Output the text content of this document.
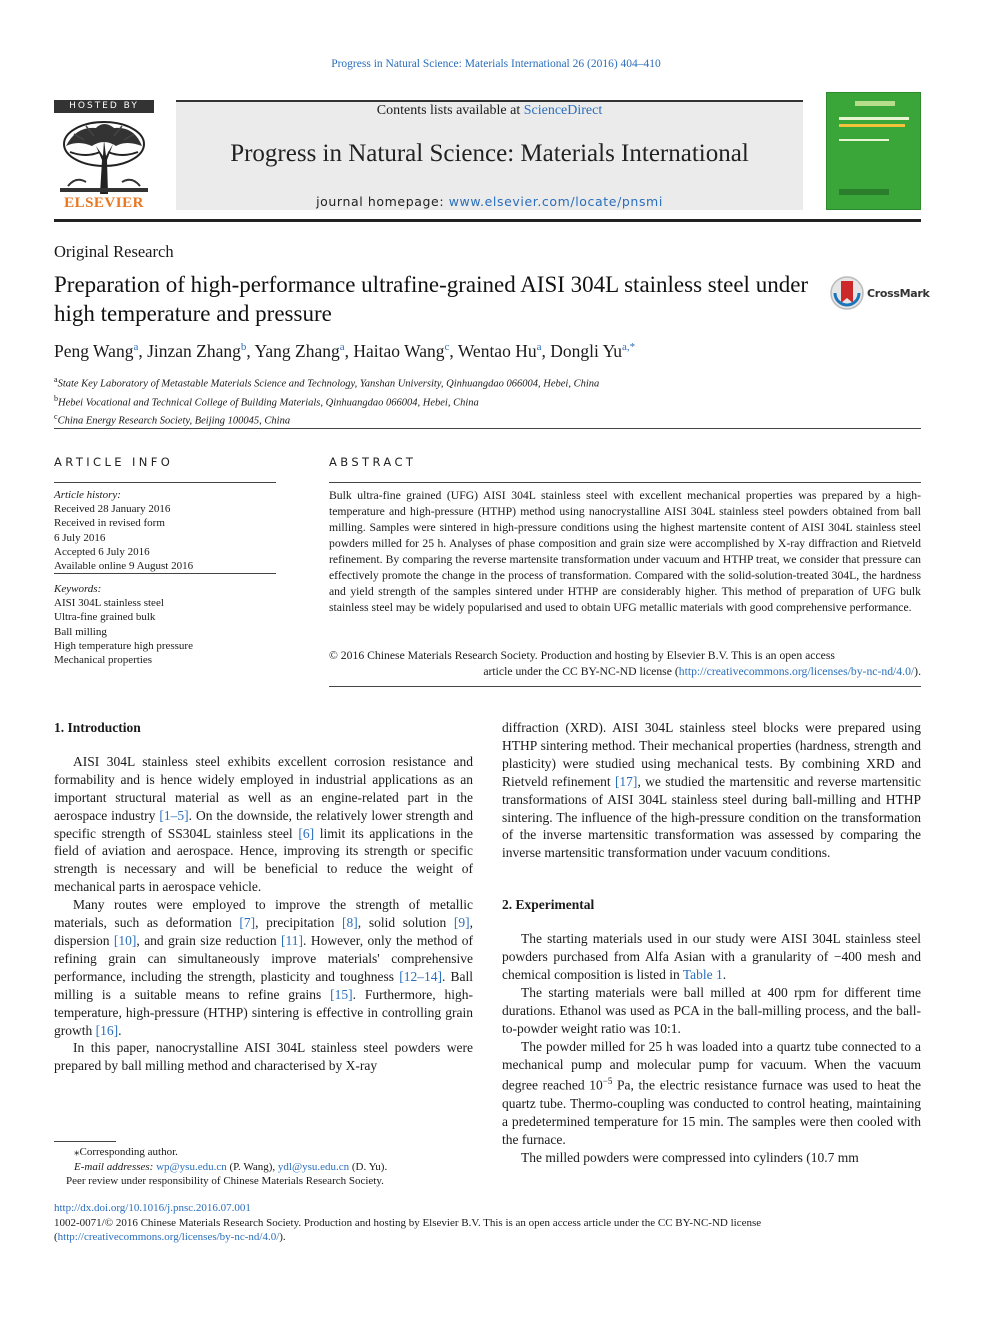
Progress in Natural Science: Materials International 26 (2016) 404–410
HOSTED BY
ELSEVIER
Contents lists available at ScienceDirect
Progress in Natural Science: Materials International
journal homepage: www.elsevier.com/locate/pnsmi
Original Research
Preparation of high-performance ultrafine-grained AISI 304L stainless steel under high temperature and pressure
CrossMark
Peng Wang$^a$, Jinzan Zhang$^b$, Yang Zhang$^a$, Haitao Wang$^c$, Wentao Hu$^a$, Dongli $Yu^{a,*}$
$^a$State Key Laboratory of Metastable Materials Science and Technology, Yanshan University, Qinhuangdao 066004, Hebei, China
$^b$Hebei Vocational and Technical College of Building Materials, Qinhuangdao 066004, Hebei, China
$^c$China Energy Research Society, Beijing 100045, China
ARTICLE INFO	ABSTRACT
Article history:
Received 28 January 2016
Received in revised form
6 July 2016
Accepted 6 July 2016
Available online 9 August 2016
Keywords:
AISI 304L stainless steel
Ultra-fine grained bulk
Ball milling
High temperature high pressure
Mechanical properties
Bulk ultra-fine grained (UFG) AISI 304L stainless steel with excellent mechanical properties was prepared by a high-temperature and high-pressure (HTHP) method using nanocrystalline AISI 304L stainless steel powders obtained from ball milling. Samples were sintered in high-pressure conditions using the highest martensite content of AISI 304L stainless steel powders milled for 25 h. Analyses of phase composition and grain size were accomplished by X-ray diffraction and Rietveld refinement. By comparing the reverse martensite transformation under vacuum and HTHP treat, we consider that pressure can effectively promote the change in the process of transformation. Compared with the solid-solution-treated 304L, the hardness and yield strength of the samples sintered under HTHP are considerably higher. This method of preparation of UFG bulk stainless steel may be widely popularised and used to obtain UFG metallic materials with good comprehensive performance.
© 2016 Chinese Materials Research Society. Production and hosting by Elsevier B.V. This is an open access
article under the CC BY-NC-ND license (http://creativecommons.org/licenses/by-nc-nd/4.0/).

1. Introduction

AISI 304L stainless steel exhibits excellent corrosion resistance and formability and is hence widely employed in industrial applications as an important structural material as well as an engine-related part in the aerospace industry [1–5]. On the downside, the relatively lower strength and specific strength of SS304L stainless steel [6] limit its applications in the field of aviation and aerospace. Hence, improving its strength or specific strength is necessary and will be beneficial to reduce the weight of mechanical parts in aerospace vehicle.

Many routes were employed to improve the strength of metallic materials, such as deformation [7], precipitation [8], solid solution [9], dispersion [10], and grain size reduction [11]. However, only the method of refining grain can simultaneously improve materials' comprehensive performance, including the strength, plasticity and toughness [12–14]. Ball milling is a suitable means to refine grains [15]. Furthermore, high-temperature, high-pressure (HTHP) sintering is effective in controlling grain growth [16].

In this paper, nanocrystalline AISI 304L stainless steel powders were prepared by ball milling method and characterised by X-ray

diffraction (XRD). AISI 304L stainless steel blocks were prepared using HTHP sintering method. Their mechanical properties (hardness, strength and plasticity) were studied using mechanical tests. By combining XRD and Rietveld refinement [17], we studied the martensitic and reverse martensitic transformations of AISI 304L stainless steel during ball-milling and HTHP sintering. The influence of the high-pressure condition on the transformation of the inverse martensitic transformation was assessed by comparing the inverse martensitic transformation under vacuum conditions.

2. Experimental

The starting materials used in our study were AISI 304L stainless steel powders purchased from Alfa Asian with a granularity of −400 mesh and chemical composition is listed in Table 1.

The starting materials were ball milled at 400 rpm for different time durations. Ethanol was used as PCA in the ball-milling process, and the ball-to-powder weight ratio was 10:1.

The powder milled for 25 h was loaded into a quartz tube connected to a mechanical pump and molecular pump for vacuum. When the vacuum degree reached $10^{-5}$ Pa, the electric resistance furnace was used to heat the quartz tube. Thermo-coupling was conducted to control heating, maintaining a predetermined temperature for 15 min. The samples were then cooled with the furnace.

The milled powders were compressed into cylinders (10.7 mm

⁎Corresponding author.
E-mail addresses: wp@ysu.edu.cn (P. Wang), ydl@ysu.edu.cn (D. Yu).
Peer review under responsibility of Chinese Materials Research Society.
http://dx.doi.org/10.1016/j.pnsc.2016.07.001
1002-0071/© 2016 Chinese Materials Research Society. Production and hosting by Elsevier B.V. This is an open access article under the CC BY-NC-ND license
(http://creativecommons.org/licenses/by-nc-nd/4.0/).
